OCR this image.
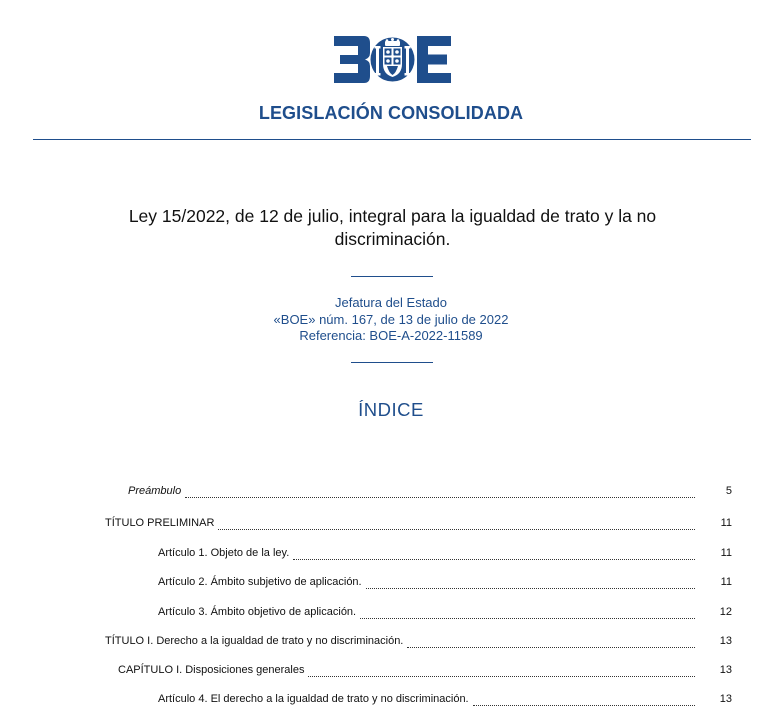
LEGISLACIÓN CONSOLIDADA
Ley 15/2022, de 12 de julio, integral para la igualdad de trato y la no discriminación.
Jefatura del Estado
«BOE» núm. 167, de 13 de julio de 2022
Referencia: BOE-A-2022-11589
ÍNDICE
Preámbulo	5
TÍTULO PRELIMINAR	11
Artículo 1. Objeto de la ley.	11
Artículo 2. Ámbito subjetivo de aplicación.	11
Artículo 3. Ámbito objetivo de aplicación.	12
TÍTULO I. Derecho a la igualdad de trato y no discriminación.	13
CAPÍTULO I. Disposiciones generales	13
Artículo 4. El derecho a la igualdad de trato y no discriminación.	13
